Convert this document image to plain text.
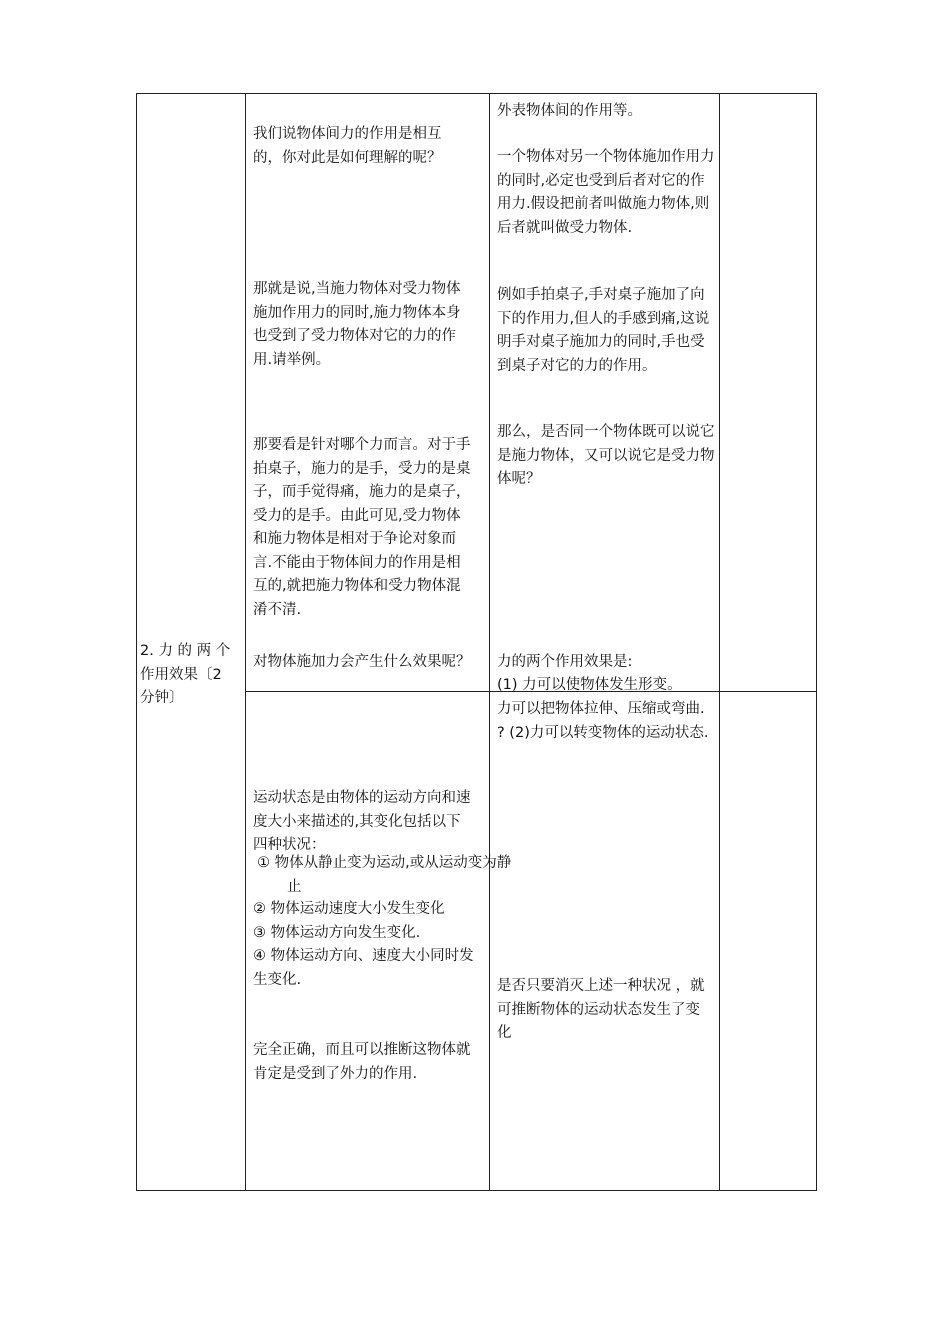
外表物体间的作用等。
一个物体对另一个物体施加作用力的同时,必定也受到后者对它的作用力.假设把前者叫做施力物体,则后者就叫做受力物体.
例如手拍桌子,手对桌子施加了向下的作用力,但人的手感到痛,这说明手对桌子施加力的同时,手也受到桌子对它的力的作用。
那么，是否同一个物体既可以说它是施力物体，又可以说它是受力物体呢？
力的两个作用效果是:
(1) 力可以使物体发生形变。
我们说物体间力的作用是相互的，你对此是如何理解的呢？
那就是说,当施力物体对受力物体施加作用力的同时,施力物体本身也受到了受力物体对它的力的作用.请举例。
那要看是针对哪个力而言。对于手拍桌子，施力的是手，受力的是桌子，而手觉得痛，施力的是桌子，受力的是手。由此可见,受力物体和施力物体是相对于争论对象而言.不能由于物体间力的作用是相互的,就把施力物体和受力物体混淆不清.
对物体施加力会产生什么效果呢？
2. 力 的 两 个作用效果〔2 分钟〕
力可以把物体拉伸、压缩或弯曲.
? (2)力可以转变物体的运动状态.
是否只要消灭上述一种状况 ，就可推断物体的运动状态发生了变化
运动状态是由物体的运动方向和速度大小来描述的,其变化包括以下四种状况：
① 物体从静止变为运动,或从运动变为静止
② 物体运动速度大小发生变化
③ 物体运动方向发生变化.
④ 物体运动方向、速度大小同时发生变化.
完全正确，而且可以推断这物体就肯定是受到了外力的作用.
